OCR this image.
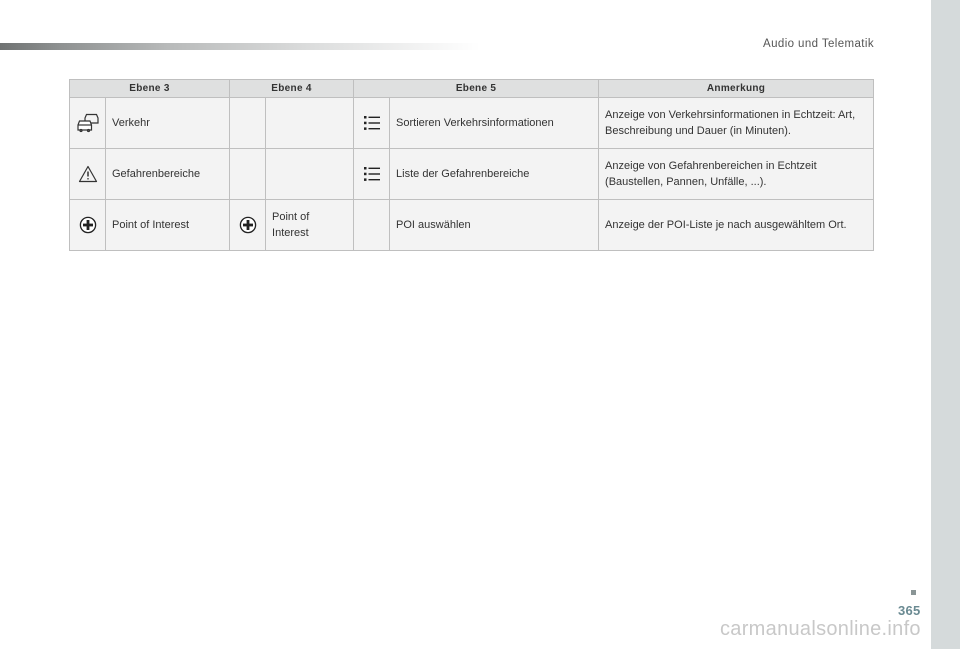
Audio und Telematik
Ebene 3		Ebene 4		Ebene 5		Anmerkung
	Verkehr				Sortieren Verkehrsinformationen	Anzeige von Verkehrsinformationen in Echtzeit: Art, Beschreibung und Dauer (in Minuten).
	Gefahrenbereiche				Liste der Gefahrenbereiche	Anzeige von Gefahrenbereichen in Echtzeit (Baustellen, Pannen, Unfälle, ...).
	Point of Interest		Point of Interest		POI auswählen	Anzeige der POI-Liste je nach ausgewähltem Ort.
365
carmanualsonline.info
